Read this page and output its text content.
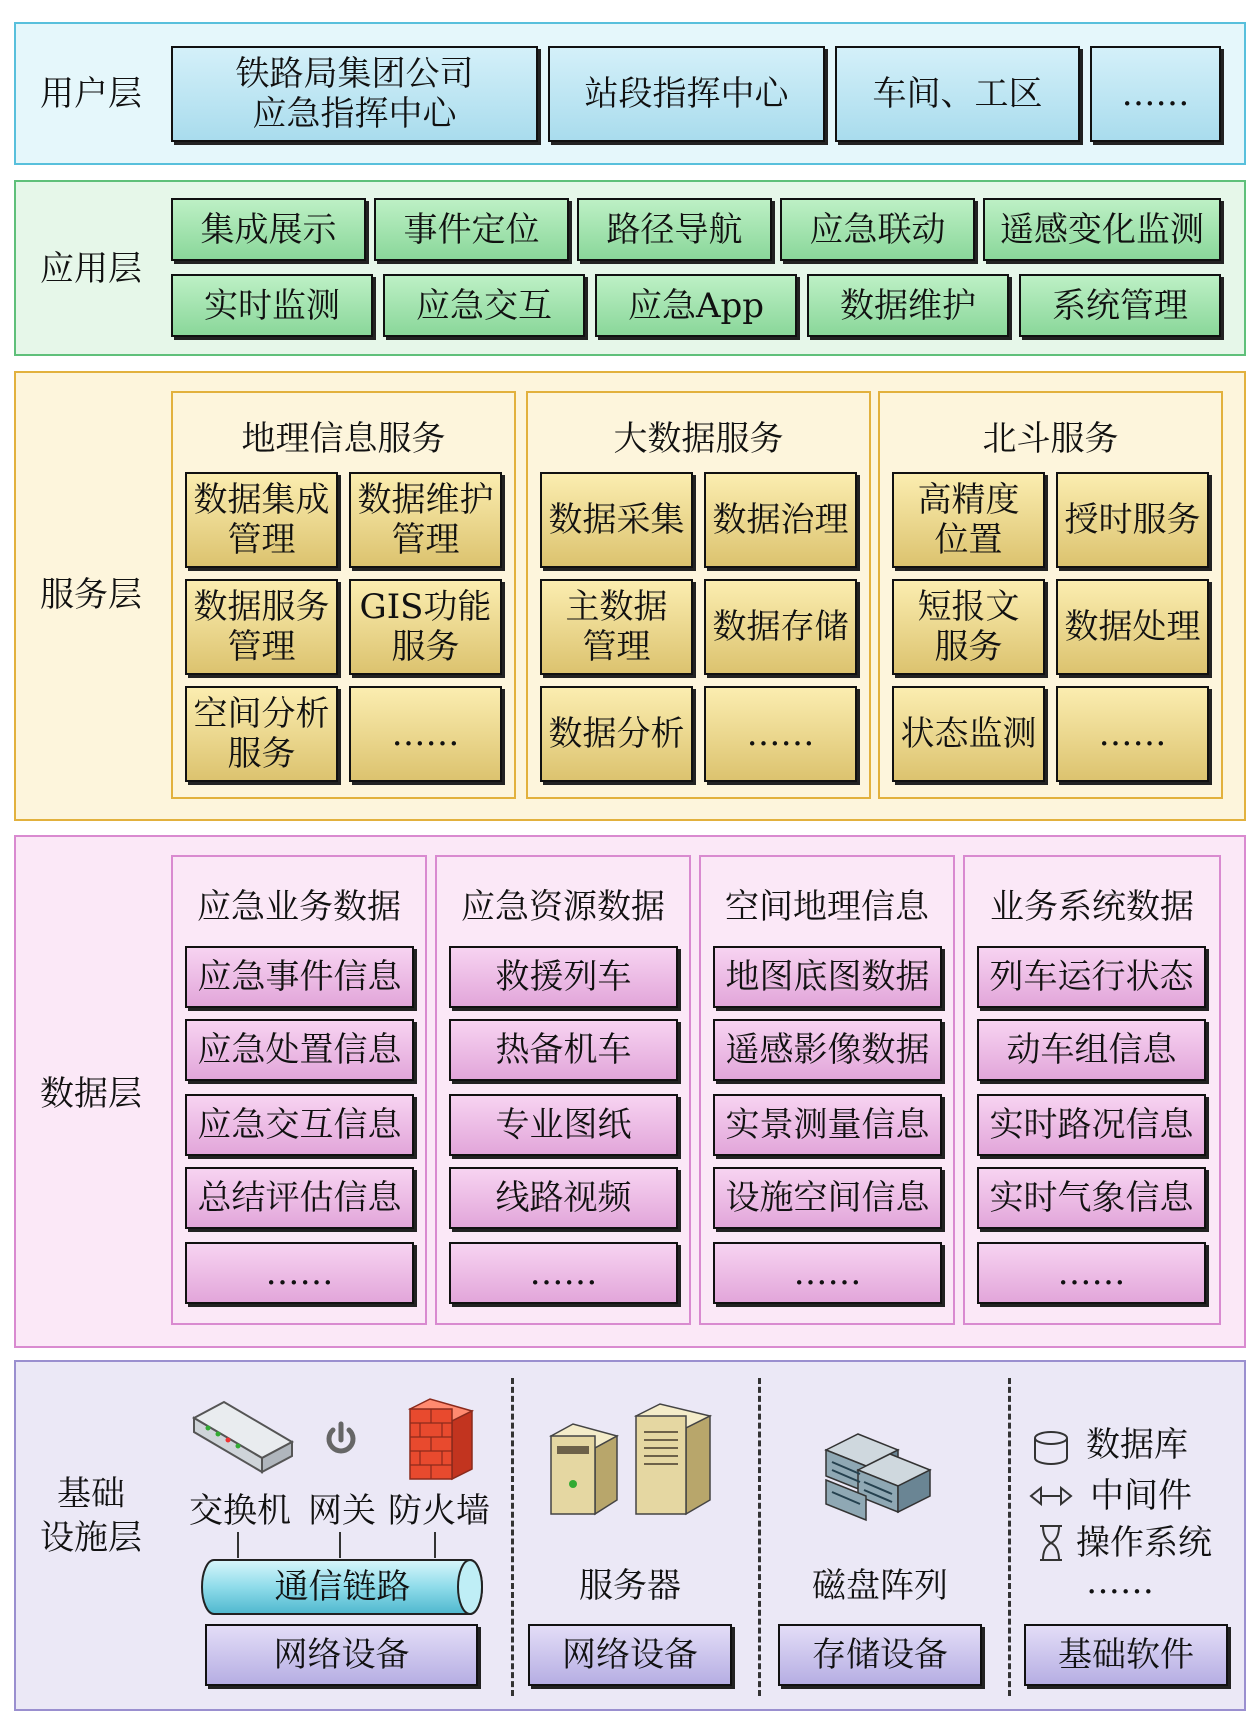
用户层	铁路局集团公司
应急指挥中心	站段指挥中心	车间、工区	……
应用层
集成展示	事件定位	路径导航	应急联动	遥感变化监测
实时监测	应急交互	应急App	数据维护	系统管理
服务层
地理信息服务
数据集成
管理
数据维护
管理
数据服务
管理
GIS功能
服务
空间分析
服务	……
大数据服务
数据采集 数据治理
主数据
管理	数据存储
数据分析	……
北斗服务
高精度
位置	授时服务
短报文
服务	数据处理
状态监测	……
数据层
应急业务数据
应急事件信息
应急处置信息
应急交互信息
总结评估信息
……
应急资源数据
救援列车
热备机车
专业图纸
线路视频
……
空间地理信息
地图底图数据
遥感影像数据
实景测量信息
设施空间信息
……
业务系统数据
列车运行状态
动车组信息
实时路况信息
实时气象信息
……
基础
设施层
交换机 网关 防火墙
通信链路
网络设备
服务器
网络设备
磁盘阵列
存储设备
数据库
中间件
操作系统
……
基础软件
